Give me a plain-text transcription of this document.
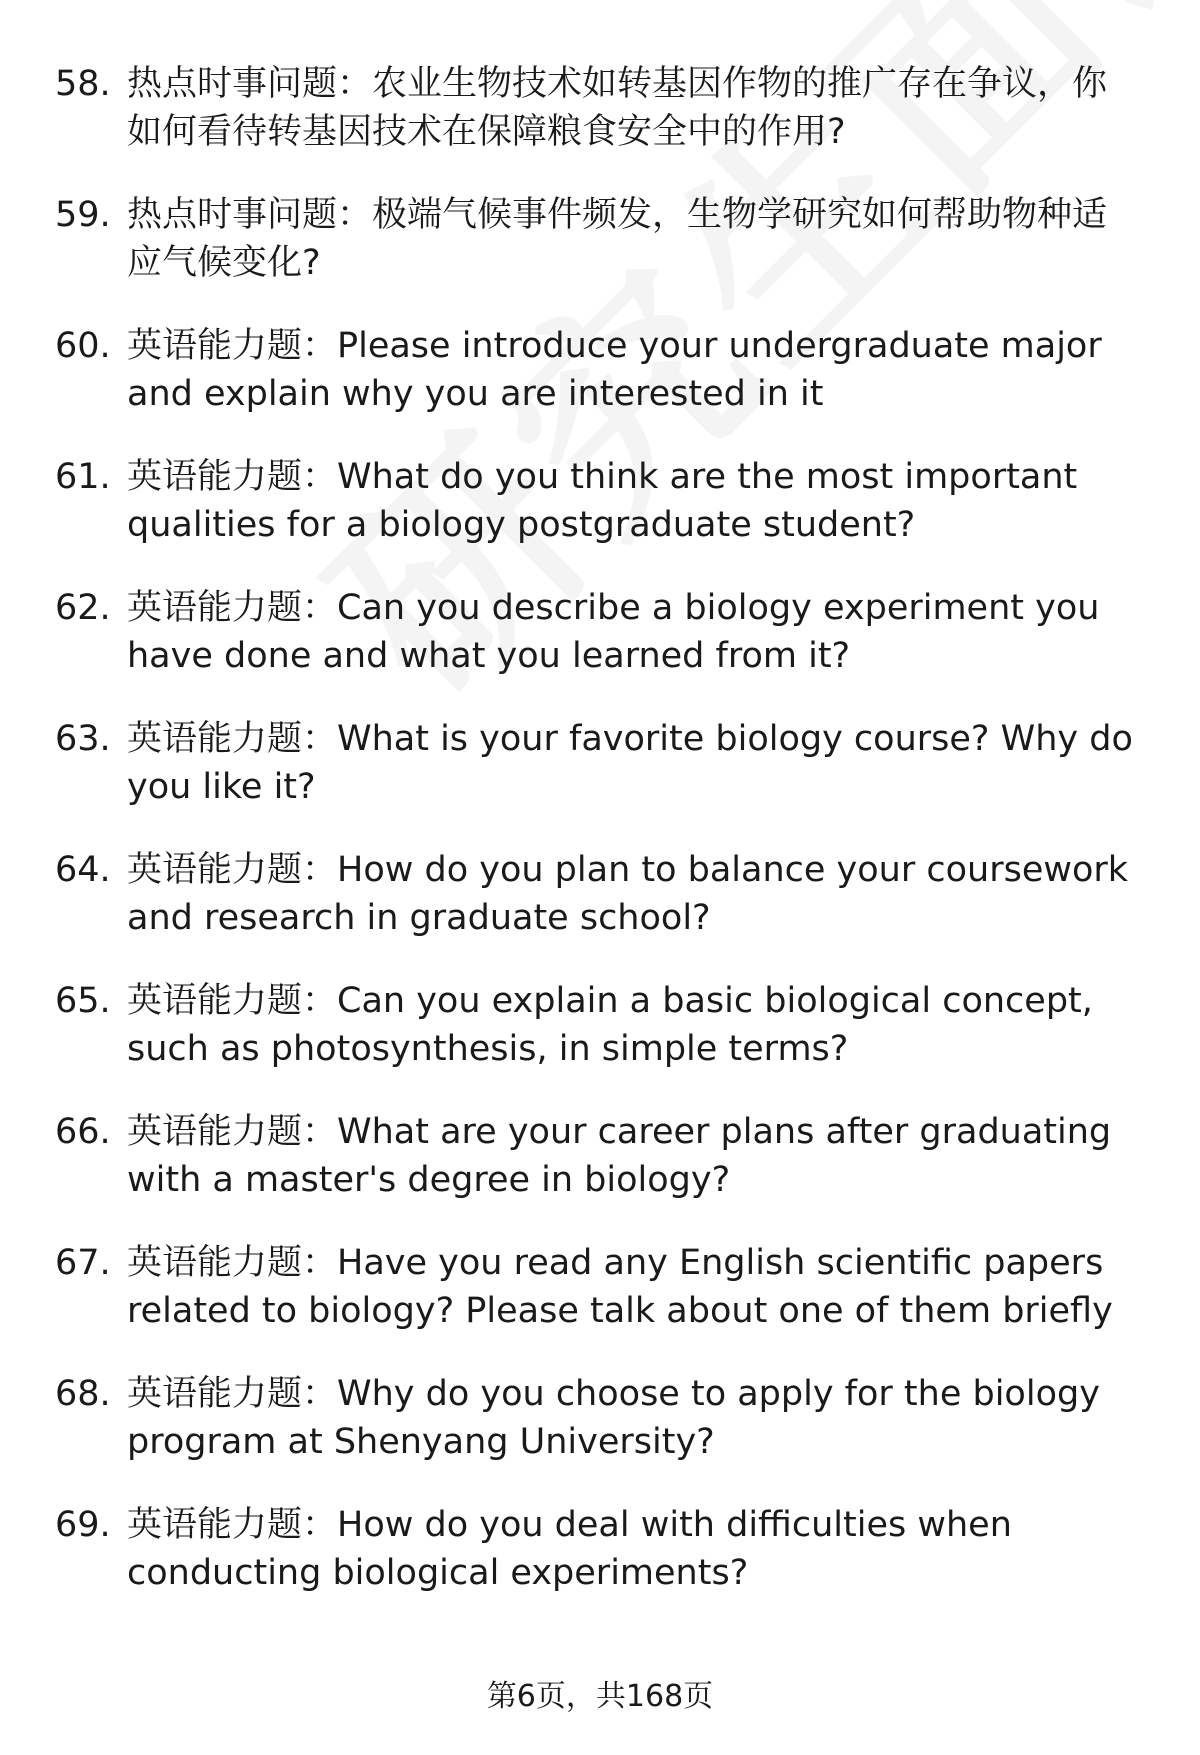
58. 热点时事问题：农业生物技术如转基因作物的推广存在争议，你
如何看待转基因技术在保障粮食安全中的作用?
59. 热点时事问题：极端气候事件频发，生物学研究如何帮助物种适
应气候变化?
60. 英语能力题：Please introduce your undergraduate major
and explain why you are interested in it
61. 英语能力题：What do you think are the most important
qualities for a biology postgraduate student?
62. 英语能力题：Can you describe a biology experiment you
have done and what you learned from it?
63. 英语能力题：What is your favorite biology course? Why do
you like it?
64. 英语能力题：How do you plan to balance your coursework
and research in graduate school?
65. 英语能力题：Can you explain a basic biological concept,
such as photosynthesis, in simple terms?
66. 英语能力题：What are your career plans after graduating
with a master's degree in biology?
67. 英语能力题：Have you read any English scientific papers
related to biology? Please talk about one of them briefly
68. 英语能力题：Why do you choose to apply for the biology
program at Shenyang University?
69. 英语能力题：How do you deal with difficulties when
conducting biological experiments?
第6页，共168页
